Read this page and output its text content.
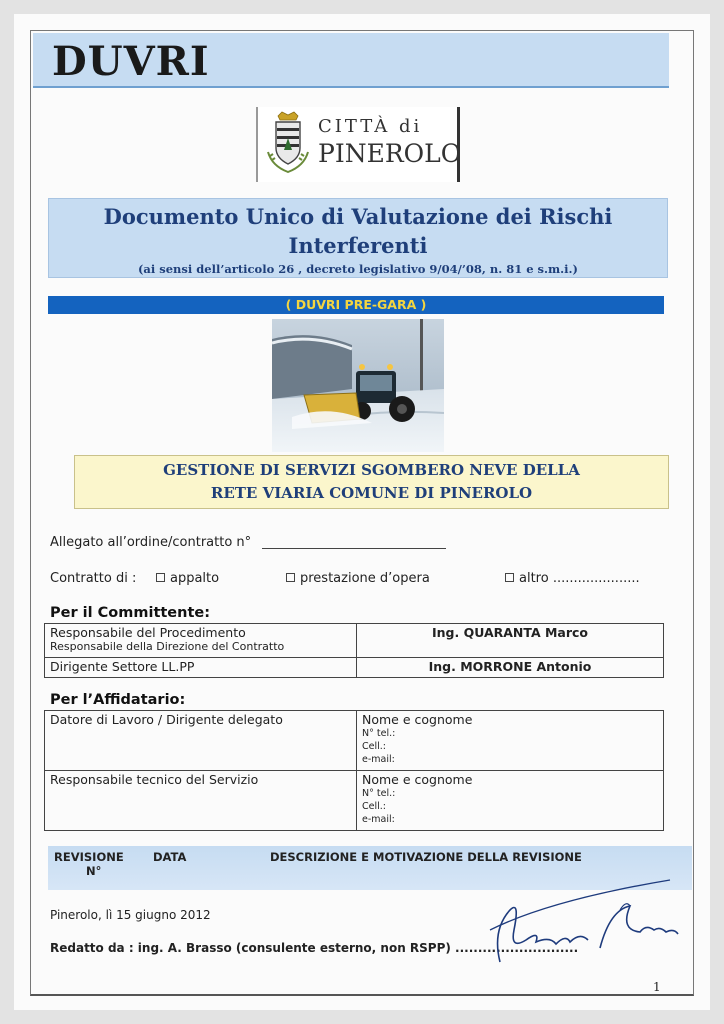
DUVRI
CITTÀ di
PINEROLO
Documento Unico di Valutazione dei Rischi
Interferenti
(ai sensi dell’articolo 26 , decreto legislativo 9/04/’08, n. 81 e s.m.i.)
( DUVRI PRE-GARA )
GESTIONE DI SERVIZI SGOMBERO NEVE DELLA
RETE VIARIA COMUNE DI PINEROLO
Allegato all’ordine/contratto n°
Contratto di :	appalto	prestazione d’opera	altro .....................
Per il Committente:
Responsabile del Procedimento
Responsabile della Direzione del Contratto	Ing. QUARANTA Marco
Dirigente Settore LL.PP	Ing. MORRONE Antonio
Per l’Affidatario:
Datore di Lavoro / Dirigente delegato	Nome e cognome
N° tel.:
Cell.:
e-mail:

Responsabile tecnico del Servizio	Nome e cognome
N° tel.:
Cell.:
e-mail:
REVISIONE
N°
DATA	DESCRIZIONE E MOTIVAZIONE DELLA REVISIONE
Pinerolo, lì 15 giugno 2012
Redatto da : ing. A. Brasso (consulente esterno, non RSPP) ...........................
1
